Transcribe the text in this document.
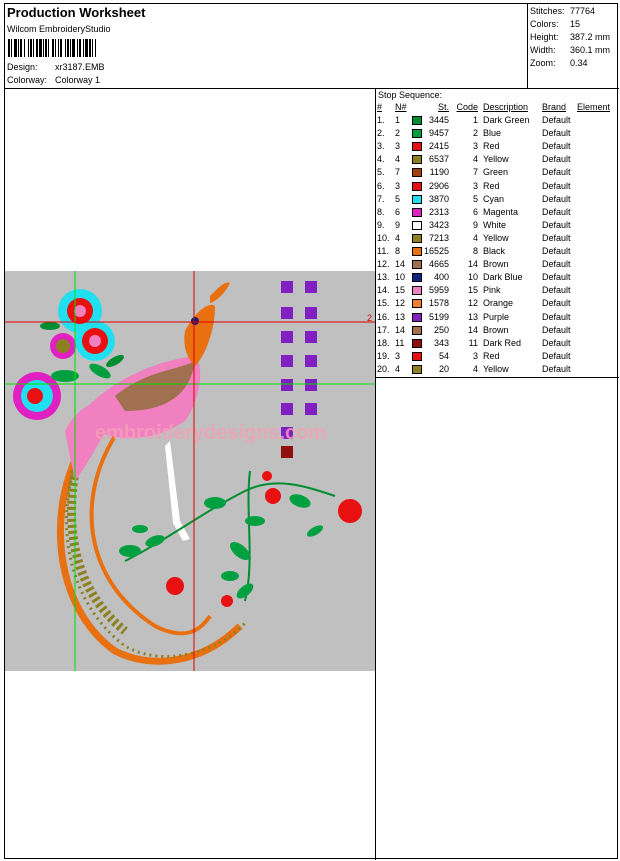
Production Worksheet
Wilcom EmbroideryStudio
Design: xr3187.EMB
Colorway: Colorway 1
Stitches: 77764
Colors: 15
Height: 387.2 mm
Width: 360.1 mm
Zoom: 0.34
embroiderydesigns.com
2
Stop Sequence:
# N#	St. Code Description Brand Element
1. 1	3445	1 Dark Green Default
2. 2	9457	2 Blue	Default
3. 3	2415	3 Red	Default
4. 4	6537	4 Yellow	Default
5. 7	1190	7 Green	Default
6. 3	2906	3 Red	Default
7. 5	3870	5 Cyan	Default
8. 6	2313	6 Magenta	Default
9. 9	3423	9 White	Default
10. 4	7213	4 Yellow	Default
11. 8	16525	8 Black	Default
12. 14	4665	14 Brown	Default
13. 10	400	10 Dark Blue Default
14. 15	5959	15 Pink	Default
15. 12	1578	12 Orange	Default
16. 13	5199	13 Purple	Default
17. 14	250	14 Brown	Default
18. 11	343	11 Dark Red Default
19. 3	54	3 Red	Default
20. 4	20	4 Yellow	Default
